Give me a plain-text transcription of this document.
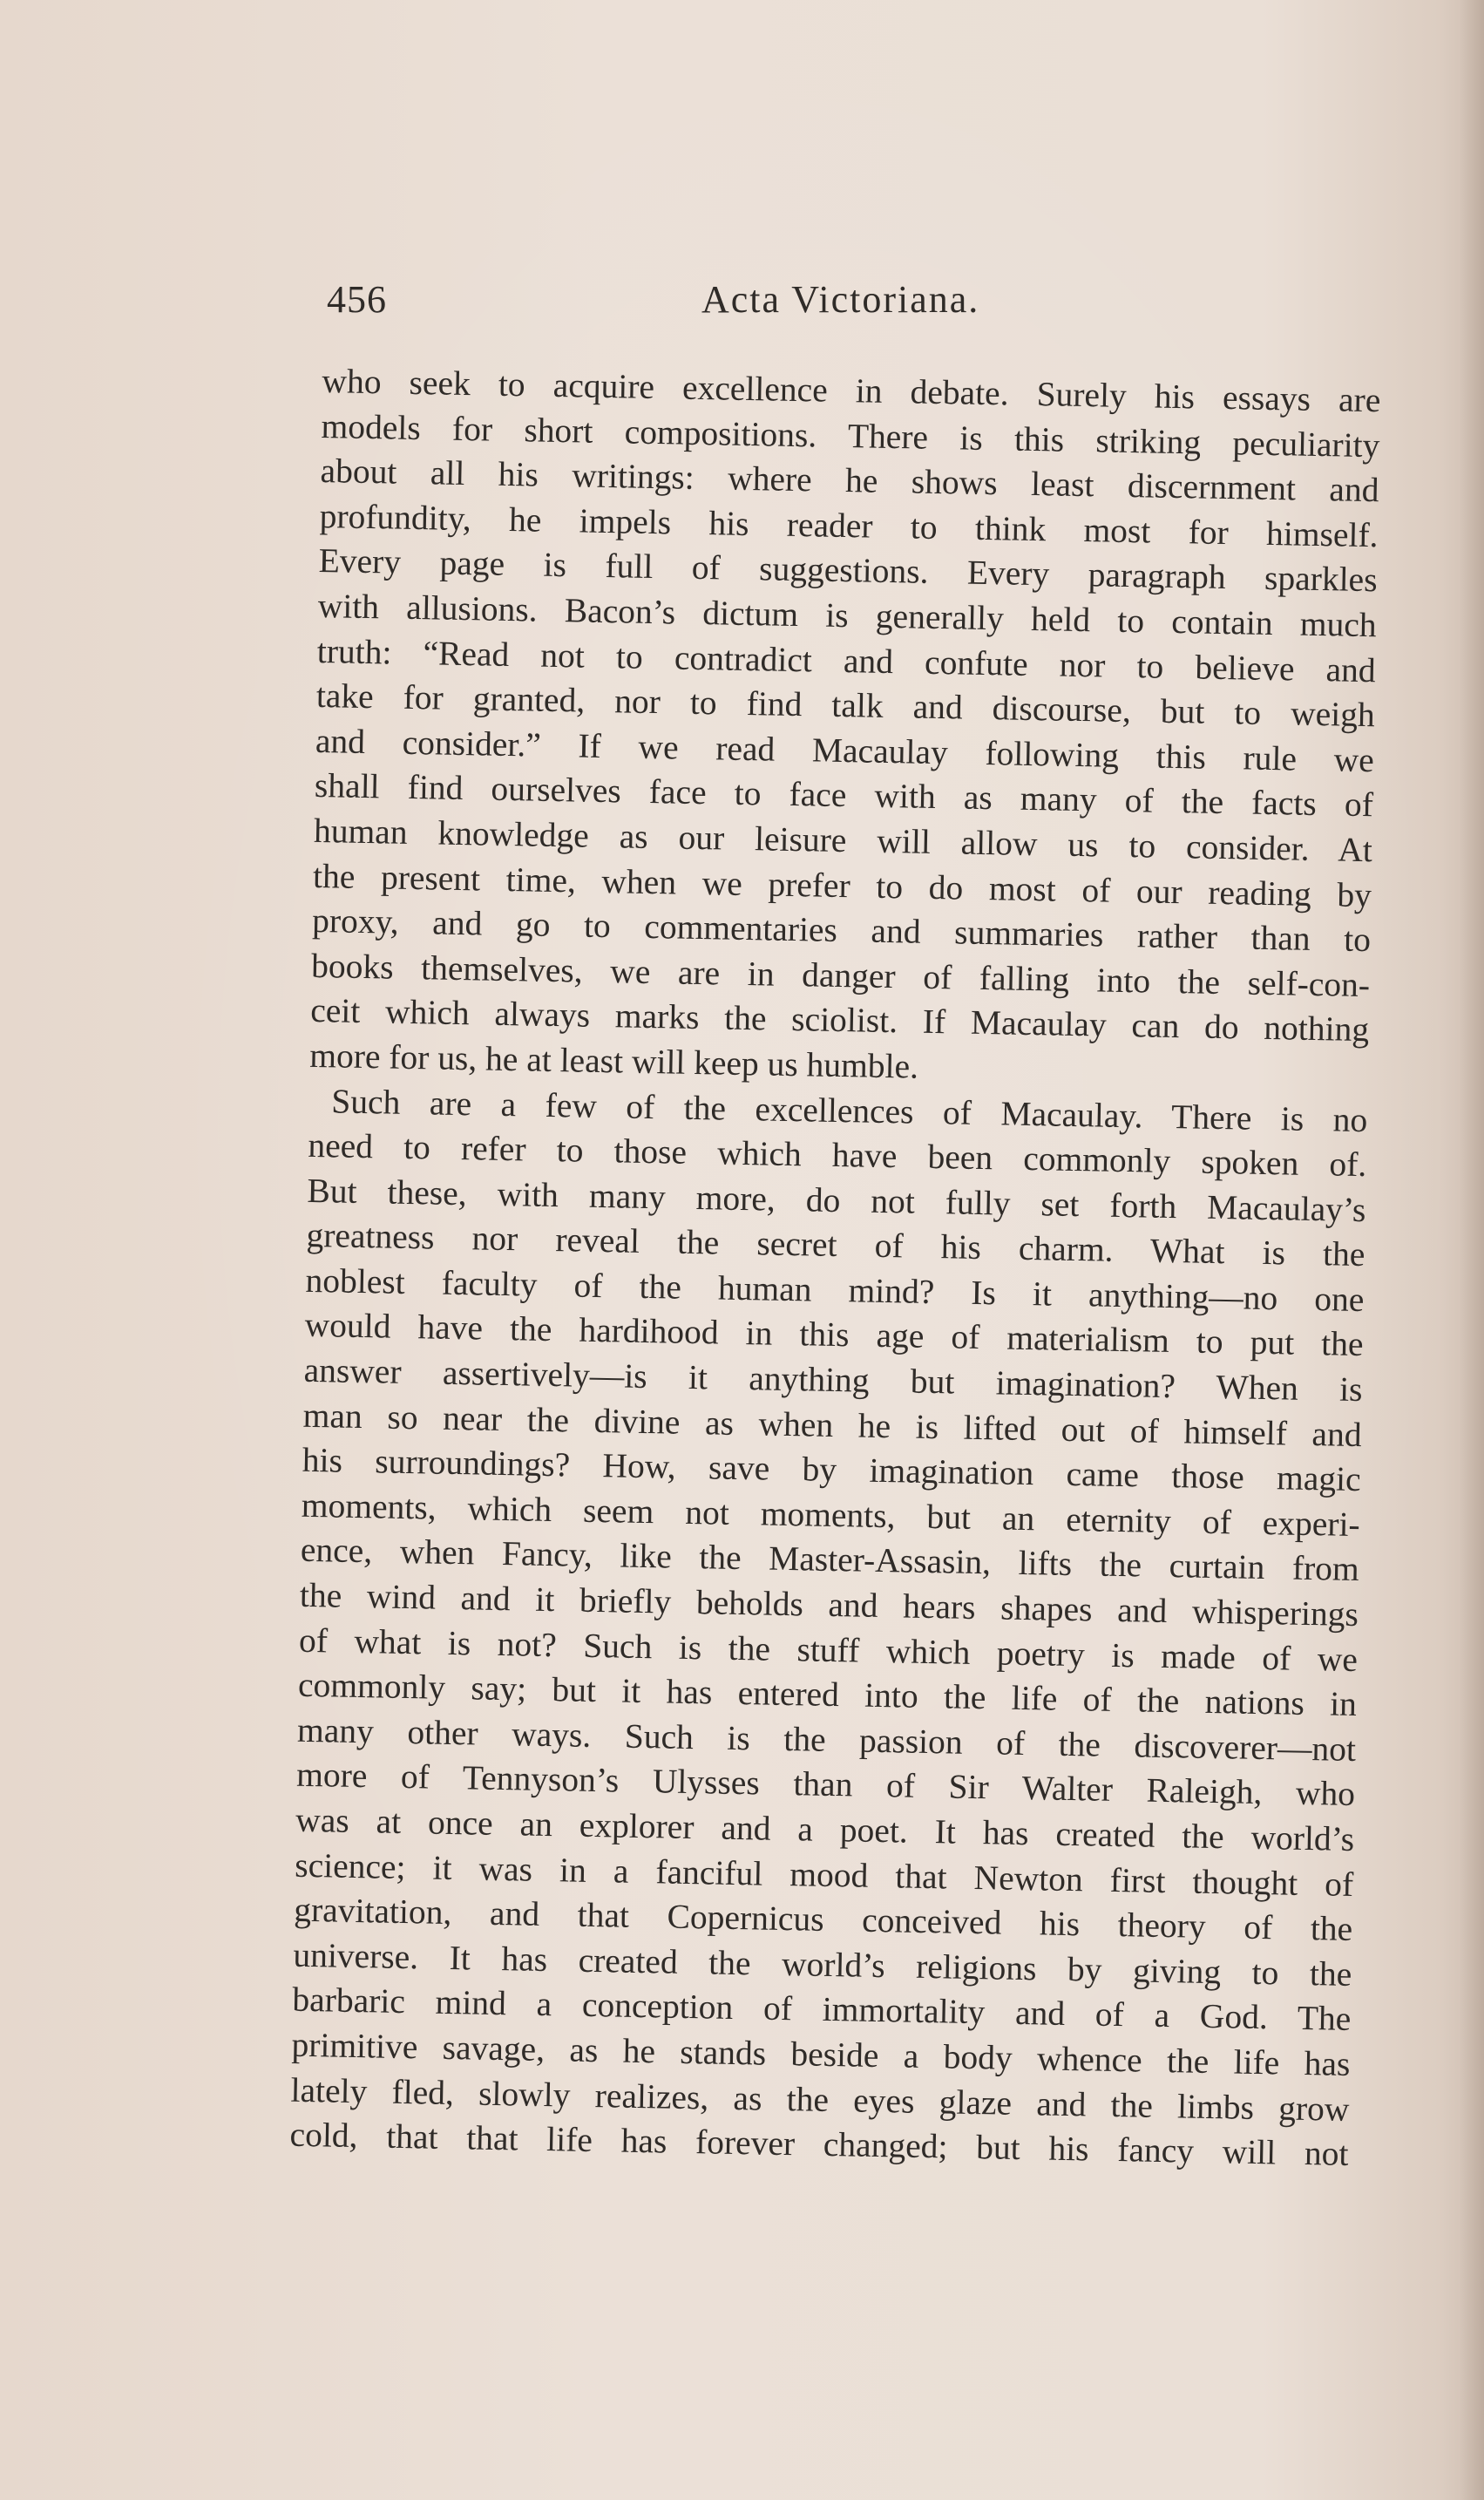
456	Acta Victoriana.
who seek to acquire excellence in debate. Surely his essays are
models for short compositions. There is this striking peculiarity
about all his writings: where he shows least discernment and
profundity, he impels his reader to think most for himself.
Every page is full of suggestions. Every paragraph sparkles
with allusions. Bacon’s dictum is generally held to contain much
truth: “Read not to contradict and confute nor to believe and
take for granted, nor to find talk and discourse, but to weigh
and consider.” If we read Macaulay following this rule we
shall find ourselves face to face with as many of the facts of
human knowledge as our leisure will allow us to consider. At
the present time, when we prefer to do most of our reading by
proxy, and go to commentaries and summaries rather than to
books themselves, we are in danger of falling into the self-con-
ceit which always marks the sciolist. If Macaulay can do nothing
more for us, he at least will keep us humble.
Such are a few of the excellences of Macaulay. There is no
need to refer to those which have been commonly spoken of.
But these, with many more, do not fully set forth Macaulay’s
greatness nor reveal the secret of his charm. What is the
noblest faculty of the human mind? Is it anything—no one
would have the hardihood in this age of materialism to put the
answer assertively—is it anything but imagination? When is
man so near the divine as when he is lifted out of himself and
his surroundings? How, save by imagination came those magic
moments, which seem not moments, but an eternity of experi-
ence, when Fancy, like the Master-Assasin, lifts the curtain from
the wind and it briefly beholds and hears shapes and whisperings
of what is not? Such is the stuff which poetry is made of we
commonly say; but it has entered into the life of the nations in
many other ways. Such is the passion of the discoverer—not
more of Tennyson’s Ulysses than of Sir Walter Raleigh, who
was at once an explorer and a poet. It has created the world’s
science; it was in a fanciful mood that Newton first thought of
gravitation, and that Copernicus conceived his theory of the
universe. It has created the world’s religions by giving to the
barbaric mind a conception of immortality and of a God. The
primitive savage, as he stands beside a body whence the life has
lately fled, slowly realizes, as the eyes glaze and the limbs grow
cold, that that life has forever changed; but his fancy will not
